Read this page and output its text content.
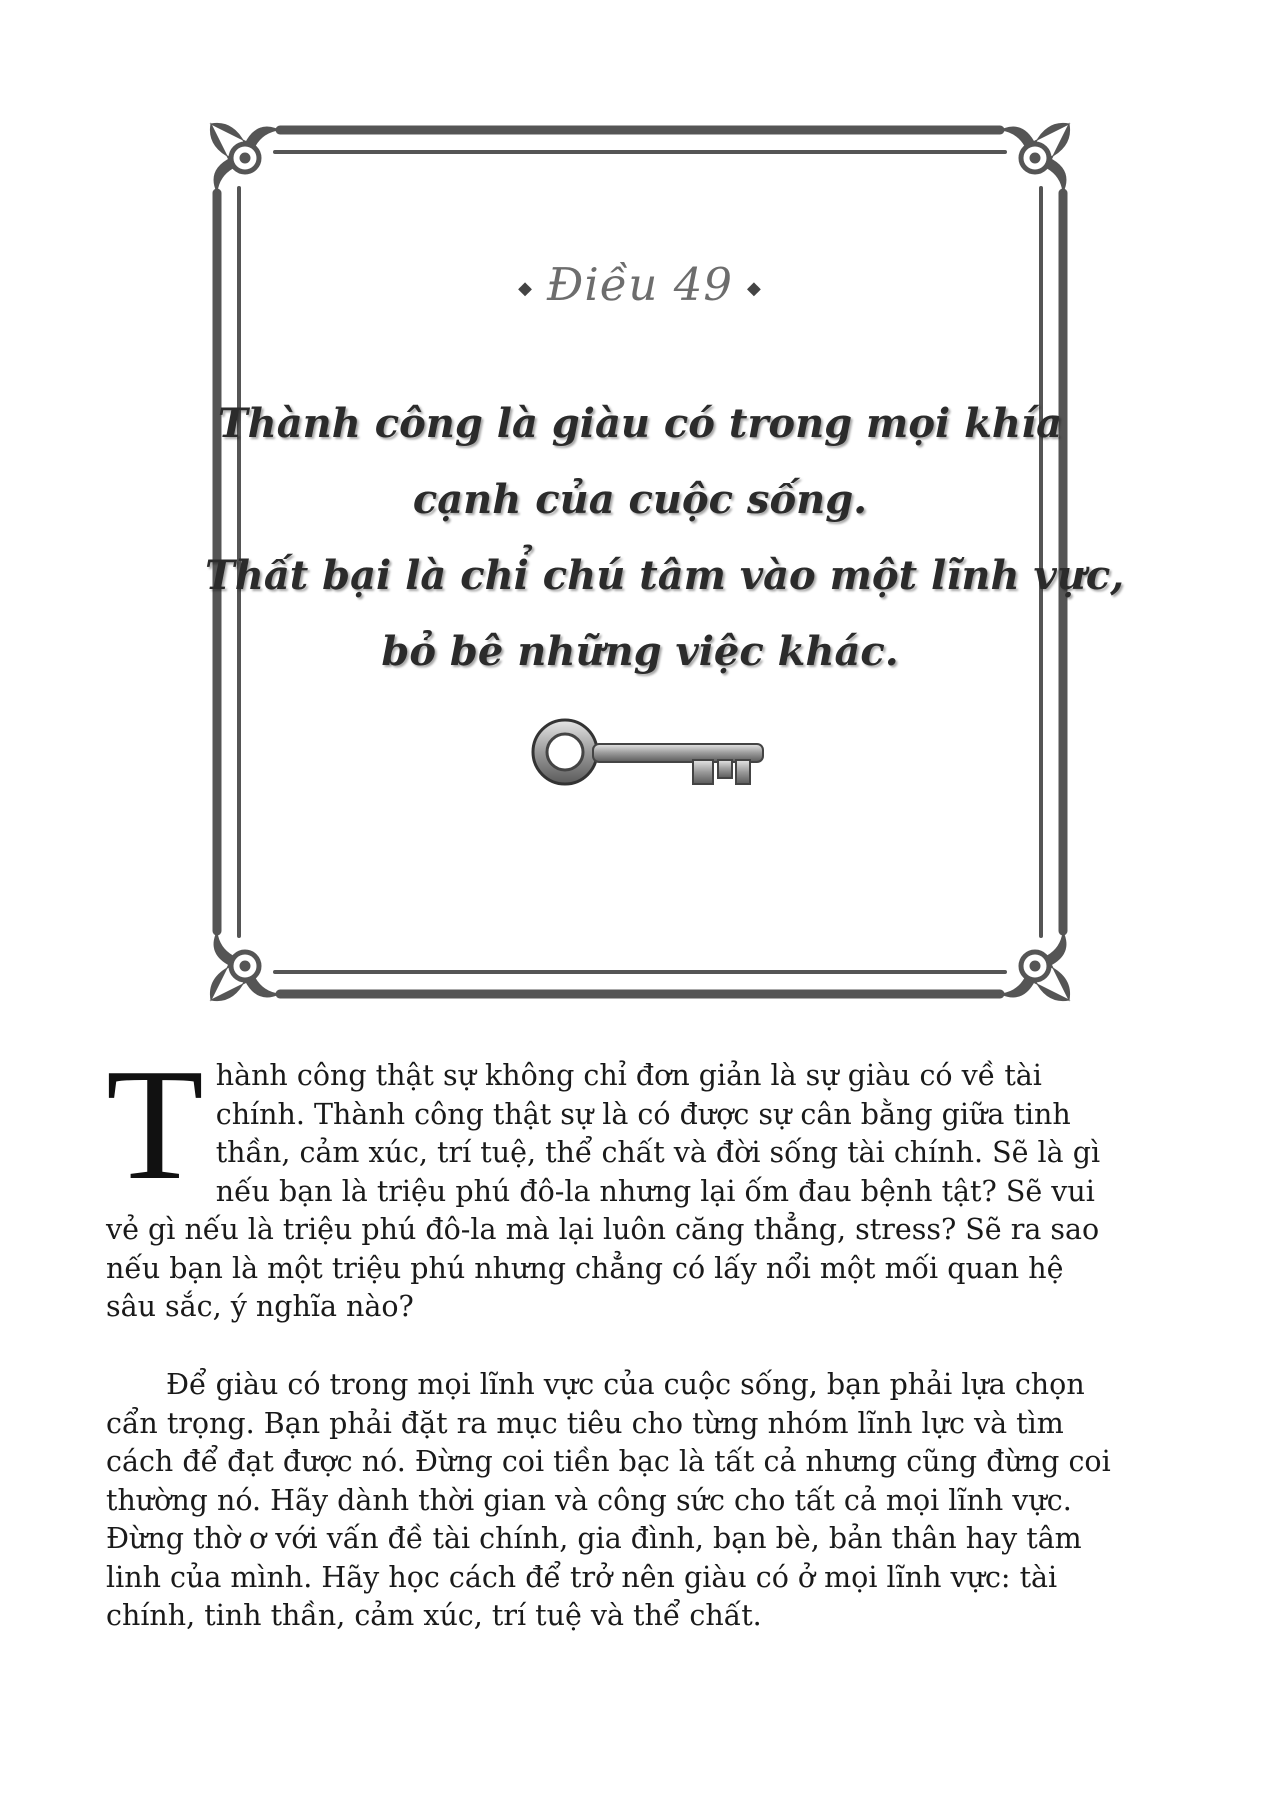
◆ Điều 49 ◆
Thành công là giàu có trong mọi khía
cạnh của cuộc sống.
Thất bại là chỉ chú tâm vào một lĩnh vực,
bỏ bê những việc khác.
T hành công thật sự không chỉ đơn giản là sự giàu có về tài
chính. Thành công thật sự là có được sự cân bằng giữa tinh
thần, cảm xúc, trí tuệ, thể chất và đời sống tài chính. Sẽ là gì
nếu bạn là triệu phú đô-la nhưng lại ốm đau bệnh tật? Sẽ vui
vẻ gì nếu là triệu phú đô-la mà lại luôn căng thẳng, stress? Sẽ ra sao
nếu bạn là một triệu phú nhưng chẳng có lấy nổi một mối quan hệ
sâu sắc, ý nghĩa nào?
Để giàu có trong mọi lĩnh vực của cuộc sống, bạn phải lựa chọn
cẩn trọng. Bạn phải đặt ra mục tiêu cho từng nhóm lĩnh lực và tìm
cách để đạt được nó. Đừng coi tiền bạc là tất cả nhưng cũng đừng coi
thường nó. Hãy dành thời gian và công sức cho tất cả mọi lĩnh vực.
Đừng thờ ơ với vấn đề tài chính, gia đình, bạn bè, bản thân hay tâm
linh của mình. Hãy học cách để trở nên giàu có ở mọi lĩnh vực: tài
chính, tinh thần, cảm xúc, trí tuệ và thể chất.
